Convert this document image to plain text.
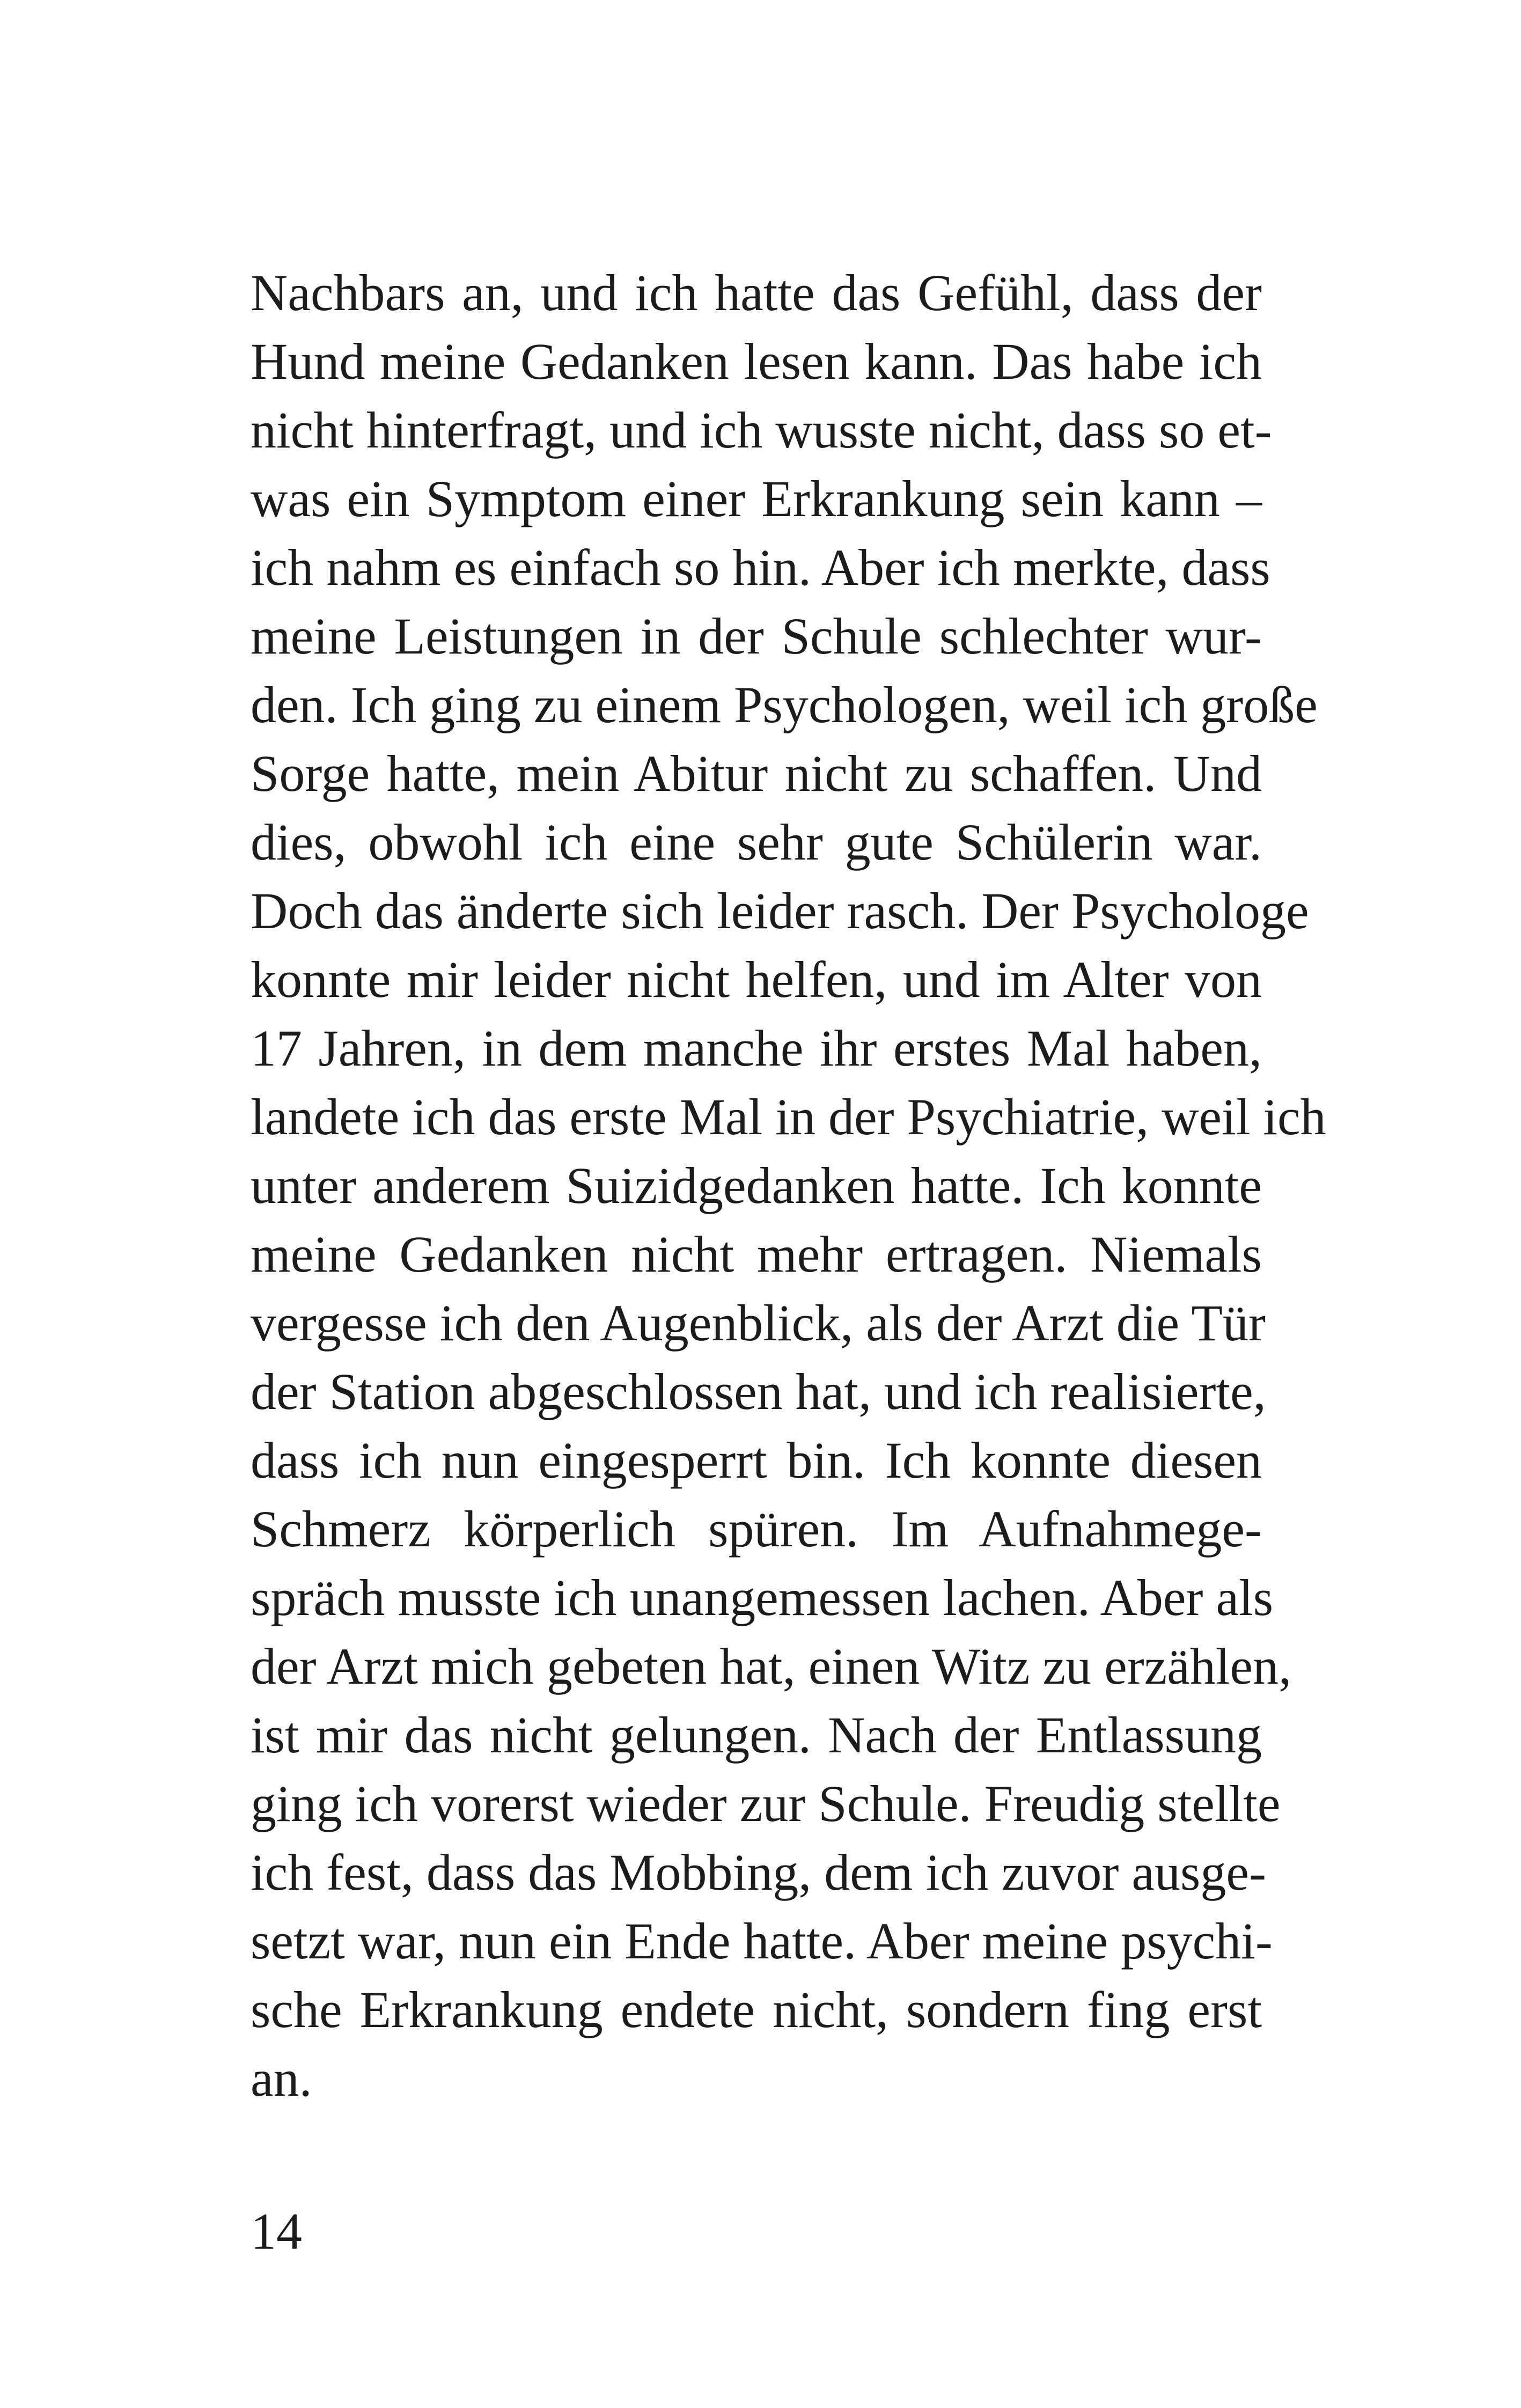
Nachbars an, und ich hatte das Gefühl, dass der
Hund meine Gedanken lesen kann. Das habe ich
nicht hinterfragt, und ich wusste nicht, dass so et-
was ein Symptom einer Erkrankung sein kann –
ich nahm es einfach so hin. Aber ich merkte, dass
meine Leistungen in der Schule schlechter wur-
den. Ich ging zu einem Psychologen, weil ich große
Sorge hatte, mein Abitur nicht zu schaffen. Und
dies, obwohl ich eine sehr gute Schülerin war.
Doch das änderte sich leider rasch. Der Psychologe
konnte mir leider nicht helfen, und im Alter von
17 Jahren, in dem manche ihr erstes Mal haben,
landete ich das erste Mal in der Psychiatrie, weil ich
unter anderem Suizidgedanken hatte. Ich konnte
meine Gedanken nicht mehr ertragen. Niemals
vergesse ich den Augenblick, als der Arzt die Tür
der Station abgeschlossen hat, und ich realisierte,
dass ich nun eingesperrt bin. Ich konnte diesen
Schmerz körperlich spüren. Im Aufnahmege-
spräch musste ich unangemessen lachen. Aber als
der Arzt mich gebeten hat, einen Witz zu erzählen,
ist mir das nicht gelungen. Nach der Entlassung
ging ich vorerst wieder zur Schule. Freudig stellte
ich fest, dass das Mobbing, dem ich zuvor ausge-
setzt war, nun ein Ende hatte. Aber meine psychi-
sche Erkrankung endete nicht, sondern fing erst
an.
14
